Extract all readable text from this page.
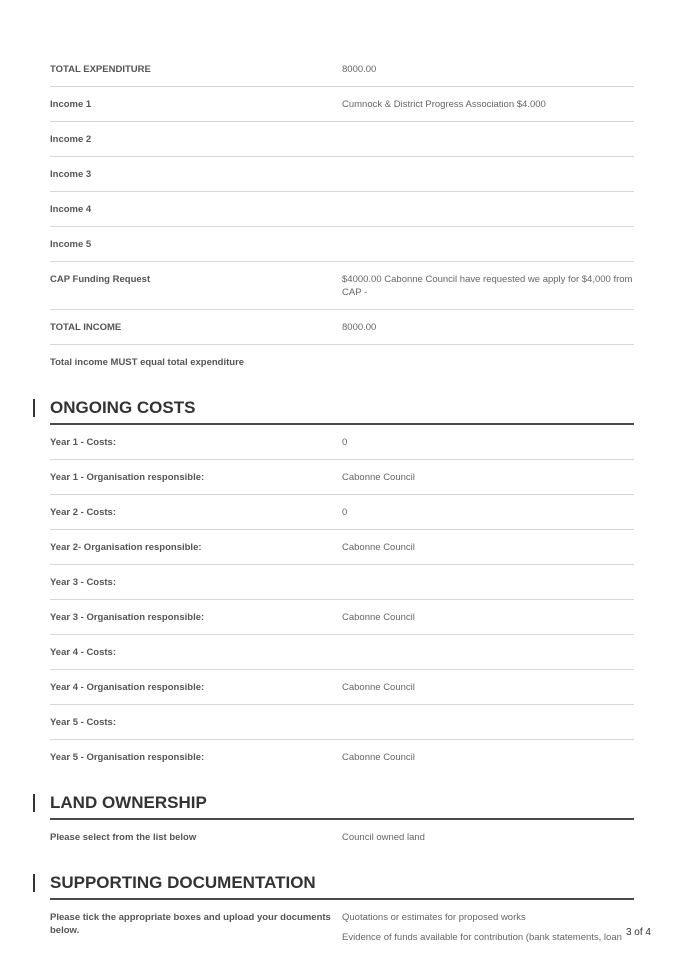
TOTAL EXPENDITURE	8000.00
Income 1	Cumnock & District Progress Association $4.000
Income 2
Income 3
Income 4
Income 5
CAP Funding Request	$4000.00 Cabonne Council have requested we apply for $4,000 from CAP -
TOTAL INCOME	8000.00
Total income MUST equal total expenditure
ONGOING COSTS
Year 1 - Costs:	0
Year 1 - Organisation responsible:	Cabonne Council
Year 2 - Costs:	0
Year 2- Organisation responsible:	Cabonne Council
Year 3 - Costs:
Year 3 - Organisation responsible:	Cabonne Council
Year 4 - Costs:
Year 4 - Organisation responsible:	Cabonne Council
Year 5 - Costs:
Year 5 - Organisation responsible:	Cabonne Council
LAND OWNERSHIP
Please select from the list below	Council owned land
SUPPORTING DOCUMENTATION
Please tick the appropriate boxes and upload your documents below.
Quotations or estimates for proposed works
Evidence of funds available for contribution (bank statements, loan 3 of 4
